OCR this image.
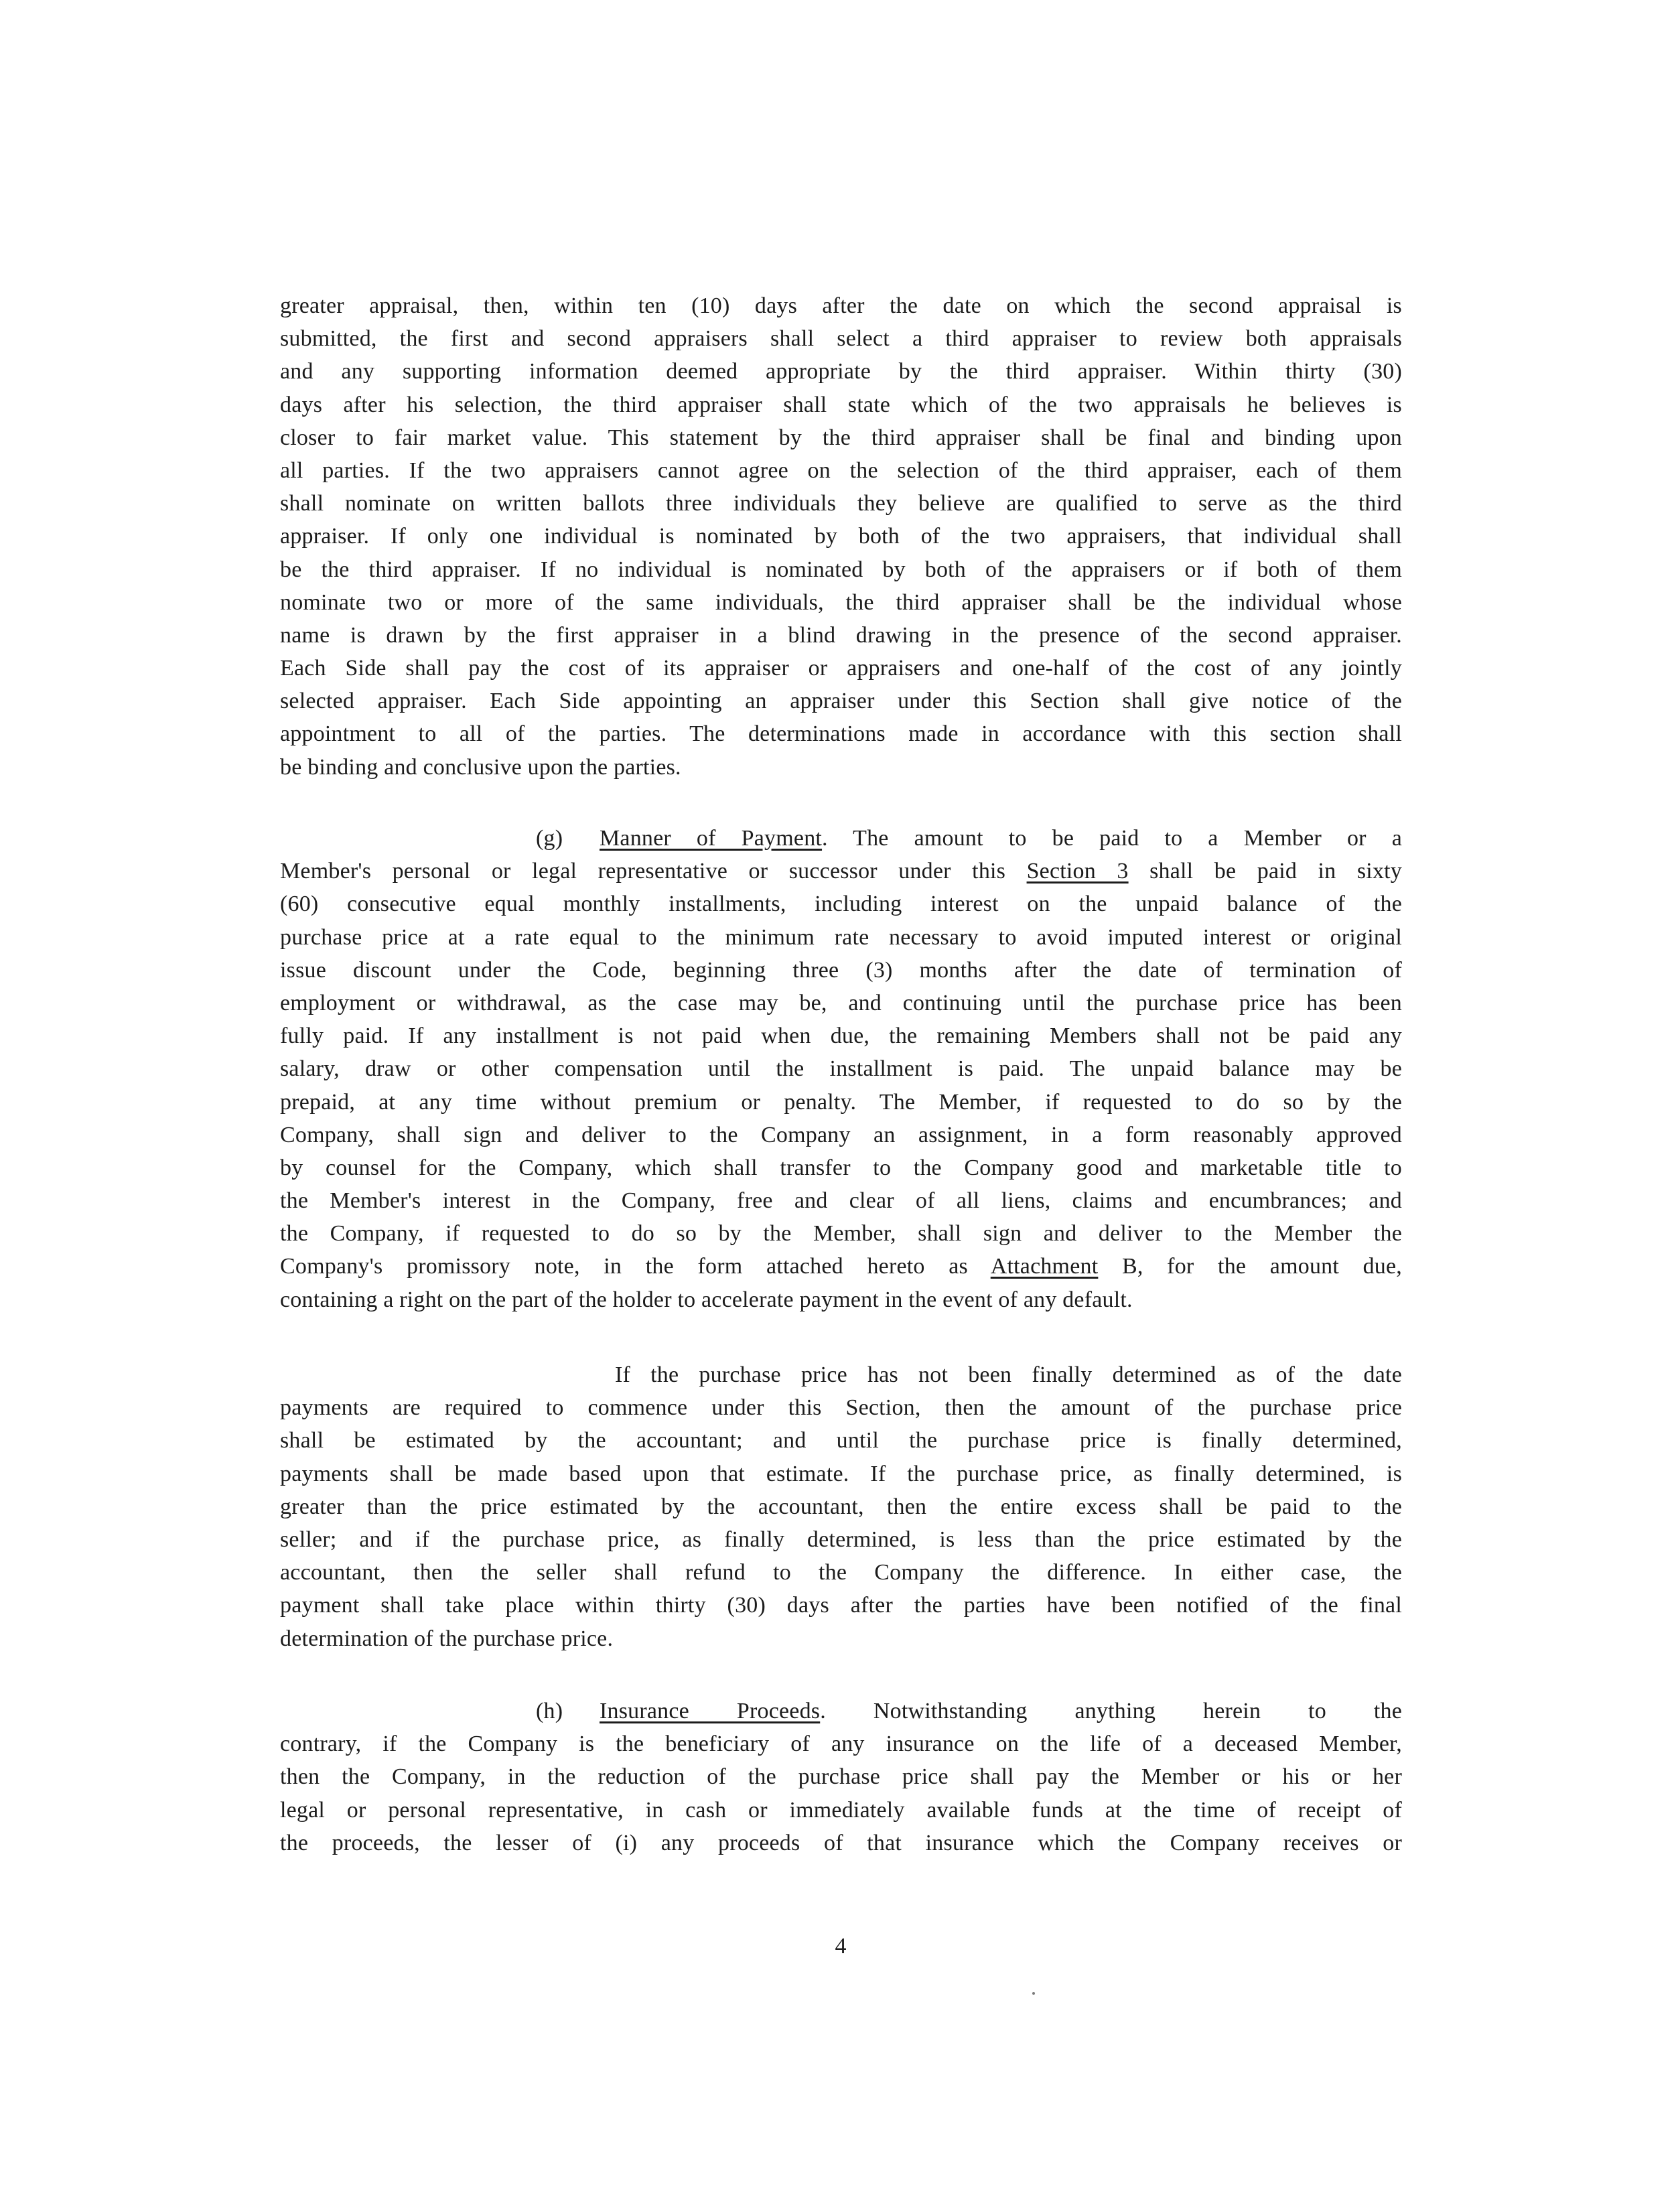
greater appraisal, then, within ten (10) days after the date on which the second appraisal is
submitted, the first and second appraisers shall select a third appraiser to review both appraisals
and any supporting information deemed appropriate by the third appraiser. Within thirty (30)
days after his selection, the third appraiser shall state which of the two appraisals he believes is
closer to fair market value. This statement by the third appraiser shall be final and binding upon
all parties. If the two appraisers cannot agree on the selection of the third appraiser, each of them
shall nominate on written ballots three individuals they believe are qualified to serve as the third
appraiser. If only one individual is nominated by both of the two appraisers, that individual shall
be the third appraiser. If no individual is nominated by both of the appraisers or if both of them
nominate two or more of the same individuals, the third appraiser shall be the individual whose
name is drawn by the first appraiser in a blind drawing in the presence of the second appraiser.
Each Side shall pay the cost of its appraiser or appraisers and one-half of the cost of any jointly
selected appraiser. Each Side appointing an appraiser under this Section shall give notice of the
appointment to all of the parties. The determinations made in accordance with this section shall
be binding and conclusive upon the parties.
(g) Manner of Payment. The amount to be paid to a Member or a
Member's personal or legal representative or successor under this Section 3 shall be paid in sixty
(60) consecutive equal monthly installments, including interest on the unpaid balance of the
purchase price at a rate equal to the minimum rate necessary to avoid imputed interest or original
issue discount under the Code, beginning three (3) months after the date of termination of
employment or withdrawal, as the case may be, and continuing until the purchase price has been
fully paid. If any installment is not paid when due, the remaining Members shall not be paid any
salary, draw or other compensation until the installment is paid. The unpaid balance may be
prepaid, at any time without premium or penalty. The Member, if requested to do so by the
Company, shall sign and deliver to the Company an assignment, in a form reasonably approved
by counsel for the Company, which shall transfer to the Company good and marketable title to
the Member's interest in the Company, free and clear of all liens, claims and encumbrances; and
the Company, if requested to do so by the Member, shall sign and deliver to the Member the
Company's promissory note, in the form attached hereto as Attachment B, for the amount due,
containing a right on the part of the holder to accelerate payment in the event of any default.
If the purchase price has not been finally determined as of the date
payments are required to commence under this Section, then the amount of the purchase price
shall be estimated by the accountant; and until the purchase price is finally determined,
payments shall be made based upon that estimate. If the purchase price, as finally determined, is
greater than the price estimated by the accountant, then the entire excess shall be paid to the
seller; and if the purchase price, as finally determined, is less than the price estimated by the
accountant, then the seller shall refund to the Company the difference. In either case, the
payment shall take place within thirty (30) days after the parties have been notified of the final
determination of the purchase price.
(h) Insurance Proceeds. Notwithstanding anything herein to the
contrary, if the Company is the beneficiary of any insurance on the life of a deceased Member,
then the Company, in the reduction of the purchase price shall pay the Member or his or her
legal or personal representative, in cash or immediately available funds at the time of receipt of
the proceeds, the lesser of (i) any proceeds of that insurance which the Company receives or
4
